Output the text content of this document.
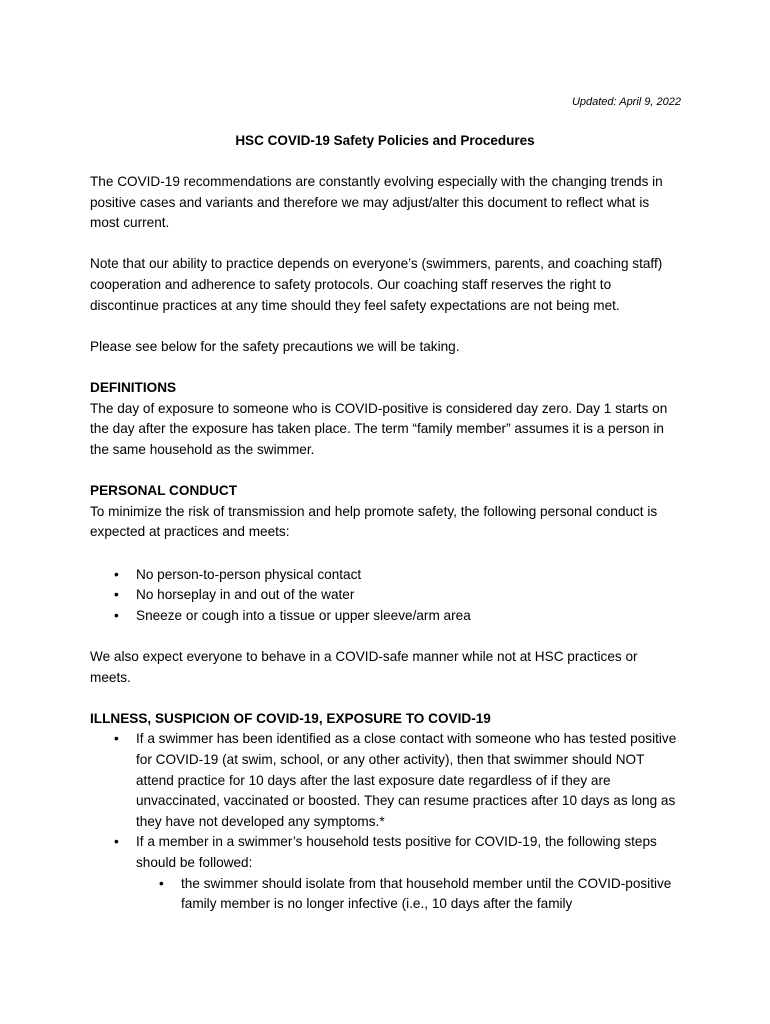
Updated: April 9, 2022
HSC COVID-19 Safety Policies and Procedures

The COVID-19 recommendations are constantly evolving especially with the changing trends in positive cases and variants and therefore we may adjust/alter this document to reflect what is most current.

Note that our ability to practice depends on everyone’s (swimmers, parents, and coaching staff) cooperation and adherence to safety protocols. Our coaching staff reserves the right to discontinue practices at any time should they feel safety expectations are not being met.

Please see below for the safety precautions we will be taking.

DEFINITIONS

The day of exposure to someone who is COVID-positive is considered day zero. Day 1 starts on the day after the exposure has taken place. The term “family member” assumes it is a person in the same household as the swimmer.

PERSONAL CONDUCT

To minimize the risk of transmission and help promote safety, the following personal conduct is expected at practices and meets:

• No person-to-person physical contact
• No horseplay in and out of the water
• Sneeze or cough into a tissue or upper sleeve/arm area

We also expect everyone to behave in a COVID-safe manner while not at HSC practices or meets.

ILLNESS, SUSPICION OF COVID-19, EXPOSURE TO COVID-19
• If a swimmer has been identified as a close contact with someone who has tested positive for COVID-19 (at swim, school, or any other activity), then that swimmer should NOT attend practice for 10 days after the last exposure date regardless of if they are unvaccinated, vaccinated or boosted. They can resume practices after 10 days as long as they have not developed any symptoms.*
• If a member in a swimmer’s household tests positive for COVID-19, the following steps should be followed:
• the swimmer should isolate from that household member until the COVID-positive family member is no longer infective (i.e., 10 days after the family
